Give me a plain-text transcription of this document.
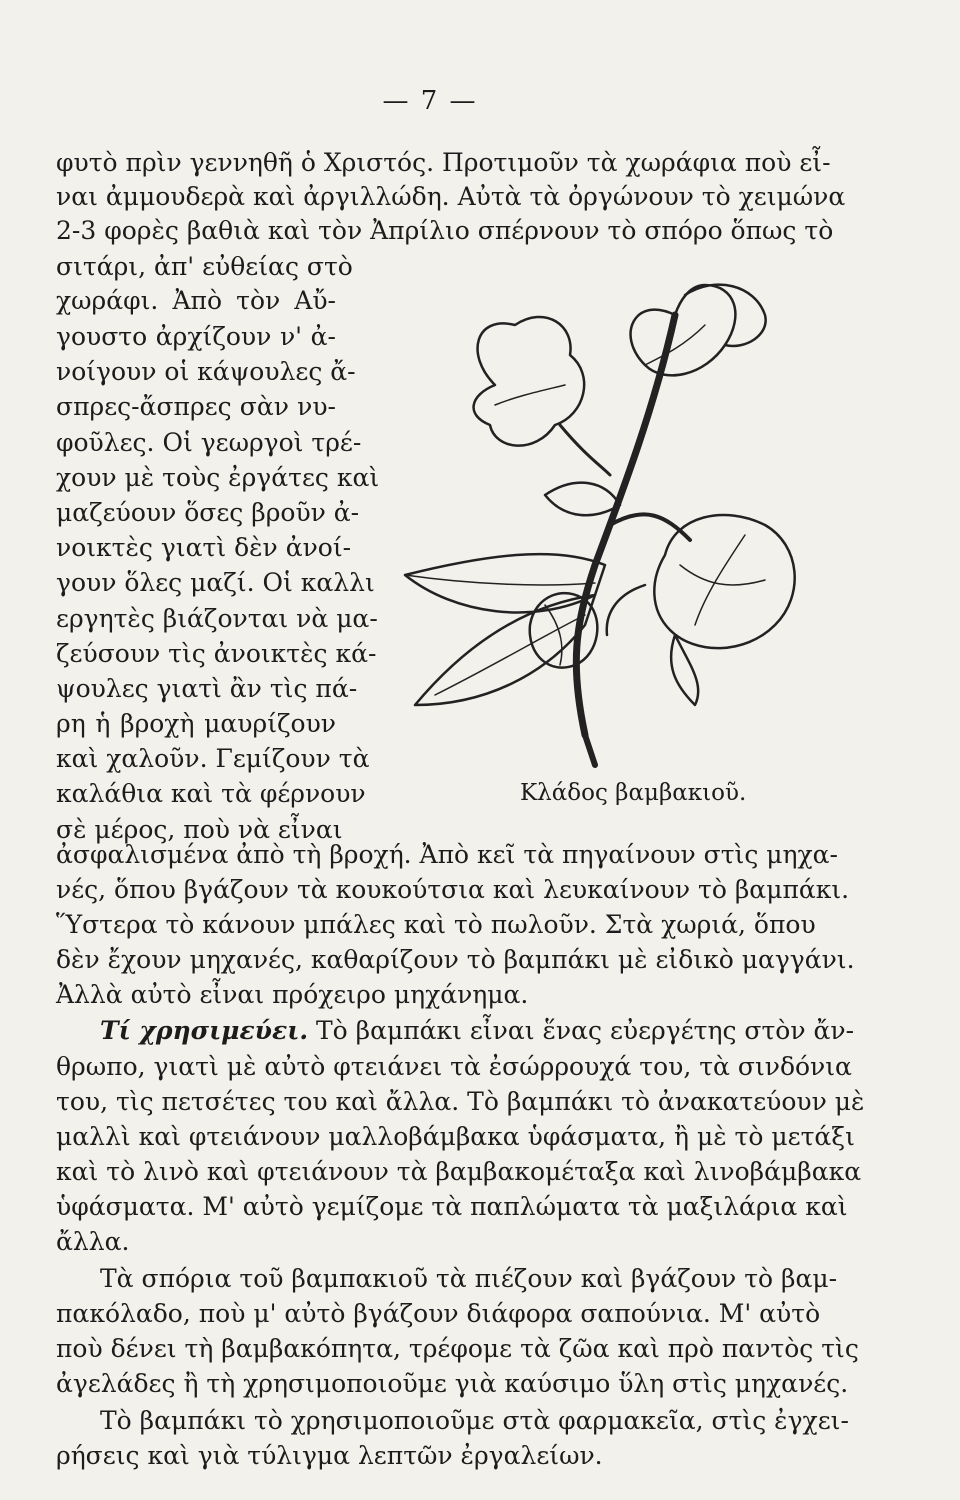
— 7 —
φυτὸ πρὶν γεννηθῆ ὁ Χριστός. Προτιμοῦν τὰ χωράφια ποὺ εἶ-
ναι ἀμμουδερὰ καὶ ἀργιλλώδη. Αὐτὰ τὰ ὀργώνουν τὸ χειμώνα
2-3 φορὲς βαθιὰ καὶ τὸν Ἀπρίλιο σπέρνουν τὸ σπόρο ὅπως τὸ
σιτάρι, ἀπ' εὐθείας στὸ
χωράφι. Ἀπὸ τὸν Αὔ-
γουστο ἀρχίζουν ν' ἀ-
νοίγουν οἱ κάψουλες ἄ-
σπρες-ἄσπρες σὰν νυ-
φοῦλες. Οἱ γεωργοὶ τρέ-
χουν μὲ τοὺς ἐργάτες καὶ
μαζεύουν ὅσες βροῦν ἀ-
νοικτὲς γιατὶ δὲν ἀνοί-
γουν ὅλες μαζί. Οἱ καλλι
εργητὲς βιάζονται νὰ μα-
ζεύσουν τὶς ἀνοικτὲς κά-
ψουλες γιατὶ ἂν τὶς πά-
ρη ἡ βροχὴ μαυρίζουν
καὶ χαλοῦν. Γεμίζουν τὰ
καλάθια καὶ τὰ φέρνουν
σὲ μέρος, ποὺ νὰ εἶναι
Κλάδος βαμβακιοῦ.
ἀσφαλισμένα ἀπὸ τὴ βροχή. Ἀπὸ κεῖ τὰ πηγαίνουν στὶς μηχα-
νές, ὅπου βγάζουν τὰ κουκούτσια καὶ λευκαίνουν τὸ βαμπάκι.
Ὕστερα τὸ κάνουν μπάλες καὶ τὸ πωλοῦν. Στὰ χωριά, ὅπου
δὲν ἔχουν μηχανές, καθαρίζουν τὸ βαμπάκι μὲ εἰδικὸ μαγγάνι.
Ἀλλὰ αὐτὸ εἶναι πρόχειρο μηχάνημα.
Τί χρησιμεύει. Τὸ βαμπάκι εἶναι ἕνας εὐεργέτης στὸν ἄν-
θρωπο, γιατὶ μὲ αὐτὸ φτειάνει τὰ ἐσώρρουχά του, τὰ σινδόνια
του, τὶς πετσέτες του καὶ ἄλλα. Τὸ βαμπάκι τὸ ἀνακατεύουν μὲ
μαλλὶ καὶ φτειάνουν μαλλοβάμβακα ὑφάσματα, ἢ μὲ τὸ μετάξι
καὶ τὸ λινὸ καὶ φτειάνουν τὰ βαμβακομέταξα καὶ λινοβάμβακα
ὑφάσματα. Μ' αὐτὸ γεμίζομε τὰ παπλώματα τὰ μαξιλάρια καὶ
ἄλλα.
Τὰ σπόρια τοῦ βαμπακιοῦ τὰ πιέζουν καὶ βγάζουν τὸ βαμ-
πακόλαδο, ποὺ μ' αὐτὸ βγάζουν διάφορα σαπούνια. Μ' αὐτὸ
ποὺ δένει τὴ βαμβακόπητα, τρέφομε τὰ ζῶα καὶ πρὸ παντὸς τὶς
ἀγελάδες ἢ τὴ χρησιμοποιοῦμε γιὰ καύσιμο ὕλη στὶς μηχανές.
Τὸ βαμπάκι τὸ χρησιμοποιοῦμε στὰ φαρμακεῖα, στὶς ἐγχει-
ρήσεις καὶ γιὰ τύλιγμα λεπτῶν ἐργαλείων.
